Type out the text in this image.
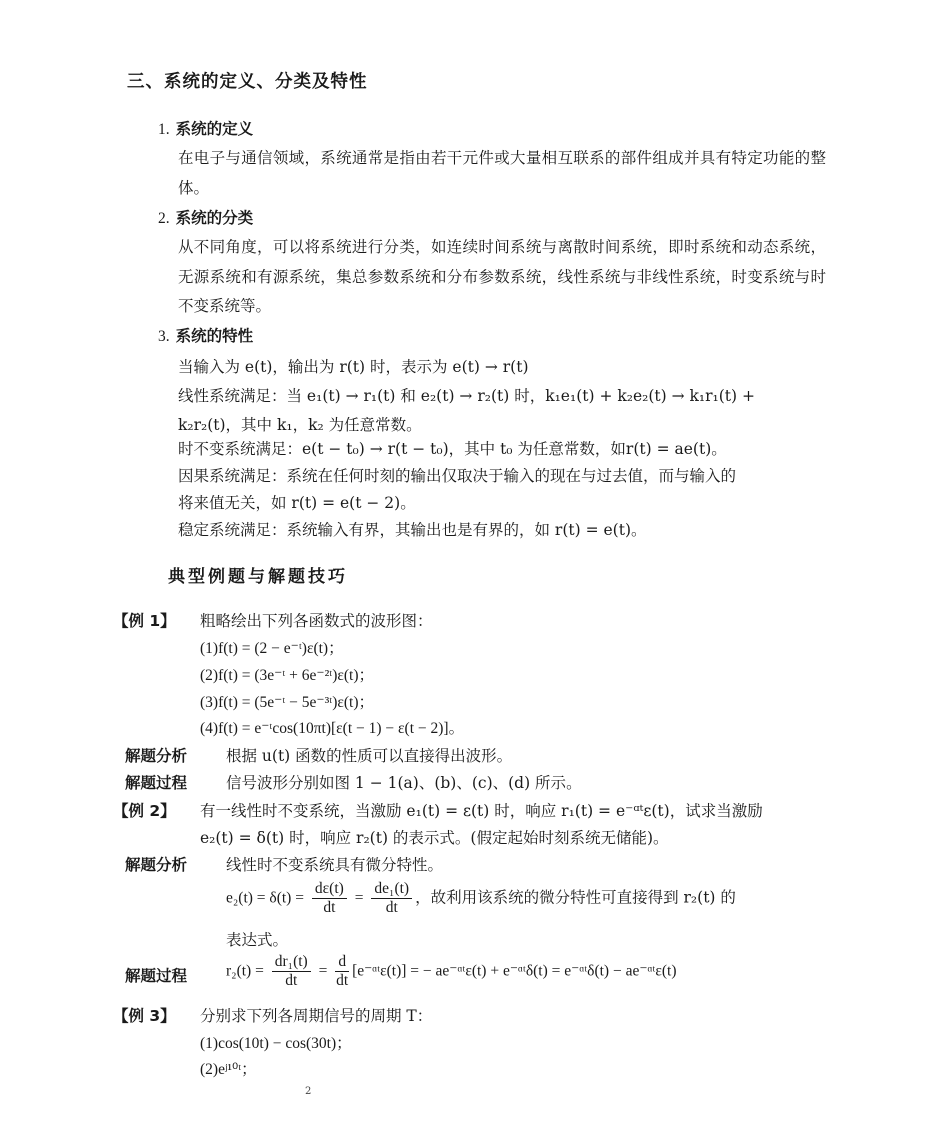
三、系统的定义、分类及特性
1. 系统的定义
在电子与通信领域，系统通常是指由若干元件或大量相互联系的部件组成并具有特定功能的整体。
2. 系统的分类
从不同角度，可以将系统进行分类，如连续时间系统与离散时间系统，即时系统和动态系统，无源系统和有源系统，集总参数系统和分布参数系统，线性系统与非线性系统，时变系统与时不变系统等。
3. 系统的特性
当输入为 e(t)，输出为 r(t) 时，表示为 e(t) → r(t)
线性系统满足：当 e₁(t) → r₁(t) 和 e₂(t) → r₂(t) 时，k₁e₁(t) + k₂e₂(t) → k₁r₁(t) +
k₂r₂(t)，其中 k₁，k₂ 为任意常数。
时不变系统满足：e(t − t₀) → r(t − t₀)，其中 t₀ 为任意常数，如r(t) = ae(t)。
因果系统满足：系统在任何时刻的输出仅取决于输入的现在与过去值，而与输入的
将来值无关，如 r(t) = e(t − 2)。
稳定系统满足：系统输入有界，其输出也是有界的，如 r(t) = e(t)。
典型例题与解题技巧
【例 1】 粗略绘出下列各函数式的波形图：
(1)f(t) = (2 − e⁻ᵗ)ε(t)；
(2)f(t) = (3e⁻ᵗ + 6e⁻²ᵗ)ε(t)；
(3)f(t) = (5e⁻ᵗ − 5e⁻³ᵗ)ε(t)；
(4)f(t) = e⁻ᵗcos(10πt)[ε(t − 1) − ε(t − 2)]。
解题分析	根据 u(t) 函数的性质可以直接得出波形。
解题过程	信号波形分别如图 1 − 1(a)、(b)、(c)、(d) 所示。
【例 2】 有一线性时不变系统，当激励 e₁(t) = ε(t) 时，响应 r₁(t) = e⁻ᵅᵗε(t)，试求当激励
e₂(t) = δ(t) 时，响应 r₂(t) 的表示式。(假定起始时刻系统无储能)。
解题分析	线性时不变系统具有微分特性。
$e_2(t) = \delta(t) = \frac{d\varepsilon(t)}{dt} = \frac{\text{de₁(t)}}{dt}$ ，故利用该系统的微分特性可直接得到 r₂(t) 的
表达式。
解题过程	$r_2(t) = \frac{\text{dr₁(t)}}{dt} = \frac{d}{dt}$ [e⁻ᵅᵗε(t)] = − ae⁻ᵅᵗε(t) + e⁻ᵅᵗδ(t) = e⁻ᵅᵗδ(t) − ae⁻ᵅᵗε(t)
【例 3】 分别求下列各周期信号的周期 T：
(1)cos(10t) − cos(30t)；
(2)eʲ¹⁰ᵗ；
2
